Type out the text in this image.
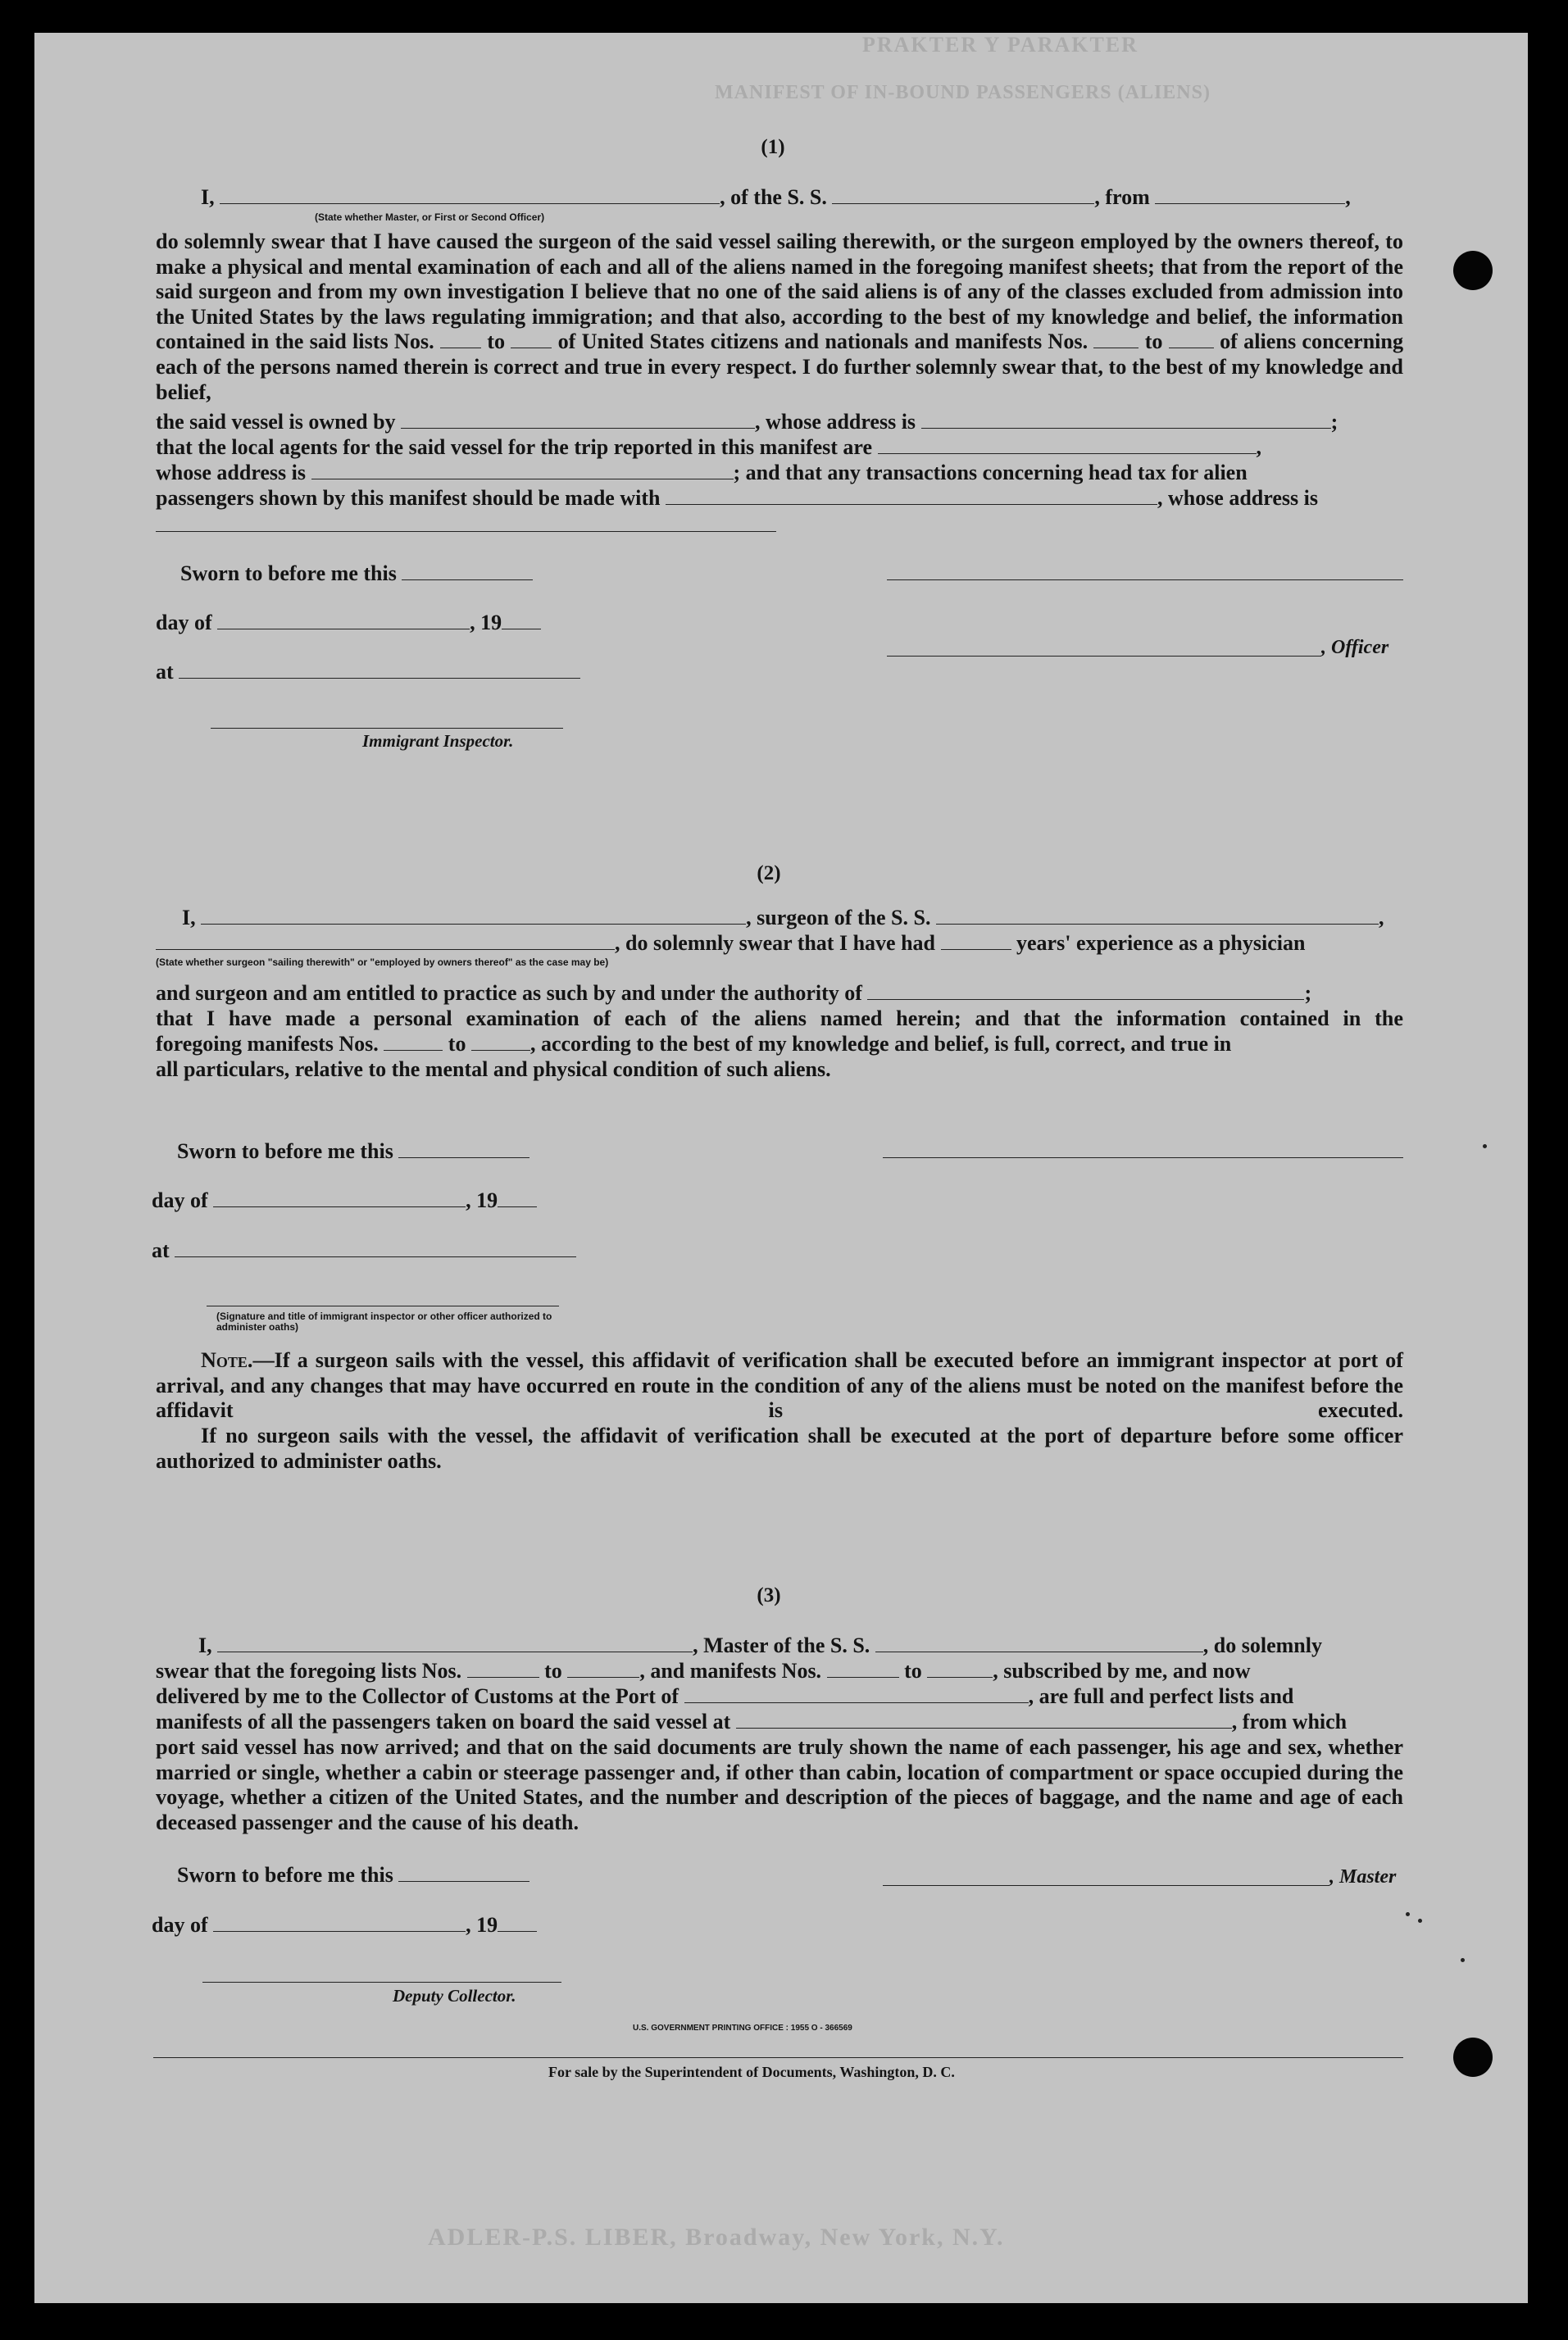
PRAKTER Y PARAKTER
MANIFEST OF IN-BOUND PASSENGERS (ALIENS)
(1)
I,	, of the S. S.	, from	,
(State whether Master, or First or Second Officer)
do solemnly swear that I have caused the surgeon of the said vessel sailing therewith, or the surgeon employed by the owners thereof, to make a physical and mental examination of each and all of the aliens named in the foregoing manifest sheets; that from the report of the said surgeon and from my own investigation I believe that no one of the said aliens is of any of the classes excluded from admission into the United States by the laws regulating immigration; and that also, according to the best of my knowledge and belief, the information contained in the said lists Nos. to of United States citizens and nationals and manifests Nos.	to	of aliens concerning each of the persons named therein is correct and true in every respect. I do further solemnly swear that, to the best of my knowledge and belief,
the said vessel is owned by	, whose address is	;
that the local agents for the said vessel for the trip reported in this manifest are	,
whose address is	; and that any transactions concerning head tax for alien
passengers shown by this manifest should be made with	, whose address is
Sworn to before me this
day of	, 19
, Officer
at
Immigrant Inspector.
(2)
I,	, surgeon of the S. S.	,
, do solemnly swear that I have had	years' experience as a physician
(State whether surgeon "sailing therewith" or "employed by owners thereof" as the case may be)
and surgeon and am entitled to practice as such by and under the authority of	;
that I have made a personal examination of each of the aliens named herein; and that the information contained in the
foregoing manifests Nos.	to	, according to the best of my knowledge and belief, is full, correct, and true in
all particulars, relative to the mental and physical condition of such aliens.
Sworn to before me this
day of	, 19
at
(Signature and title of immigrant inspector or other officer authorized to administer oaths)
Note.—If a surgeon sails with the vessel, this affidavit of verification shall be executed before an immigrant inspector at port of arrival, and any changes that may have occurred en route in the condition of any of the aliens must be noted on the manifest before the affidavit is executed.
If no surgeon sails with the vessel, the affidavit of verification shall be executed at the port of departure before some officer authorized to administer oaths.
(3)
I,	, Master of the S. S.	, do solemnly
swear that the foregoing lists Nos.	to	, and manifests Nos.	to	, subscribed by me, and now
delivered by me to the Collector of Customs at the Port of	, are full and perfect lists and
manifests of all the passengers taken on board the said vessel at	, from which
port said vessel has now arrived; and that on the said documents are truly shown the name of each passenger, his age and sex, whether married or single, whether a cabin or steerage passenger and, if other than cabin, location of compartment or space occupied during the voyage, whether a citizen of the United States, and the number and description of the pieces of baggage, and the name and age of each deceased passenger and the cause of his death.
Sworn to before me this	, Master
day of	, 19
Deputy Collector.
U.S. GOVERNMENT PRINTING OFFICE : 1955 O - 366569
For sale by the Superintendent of Documents, Washington, D. C.
ADLER-P.S. LIBER, Broadway, New York, N.Y.
